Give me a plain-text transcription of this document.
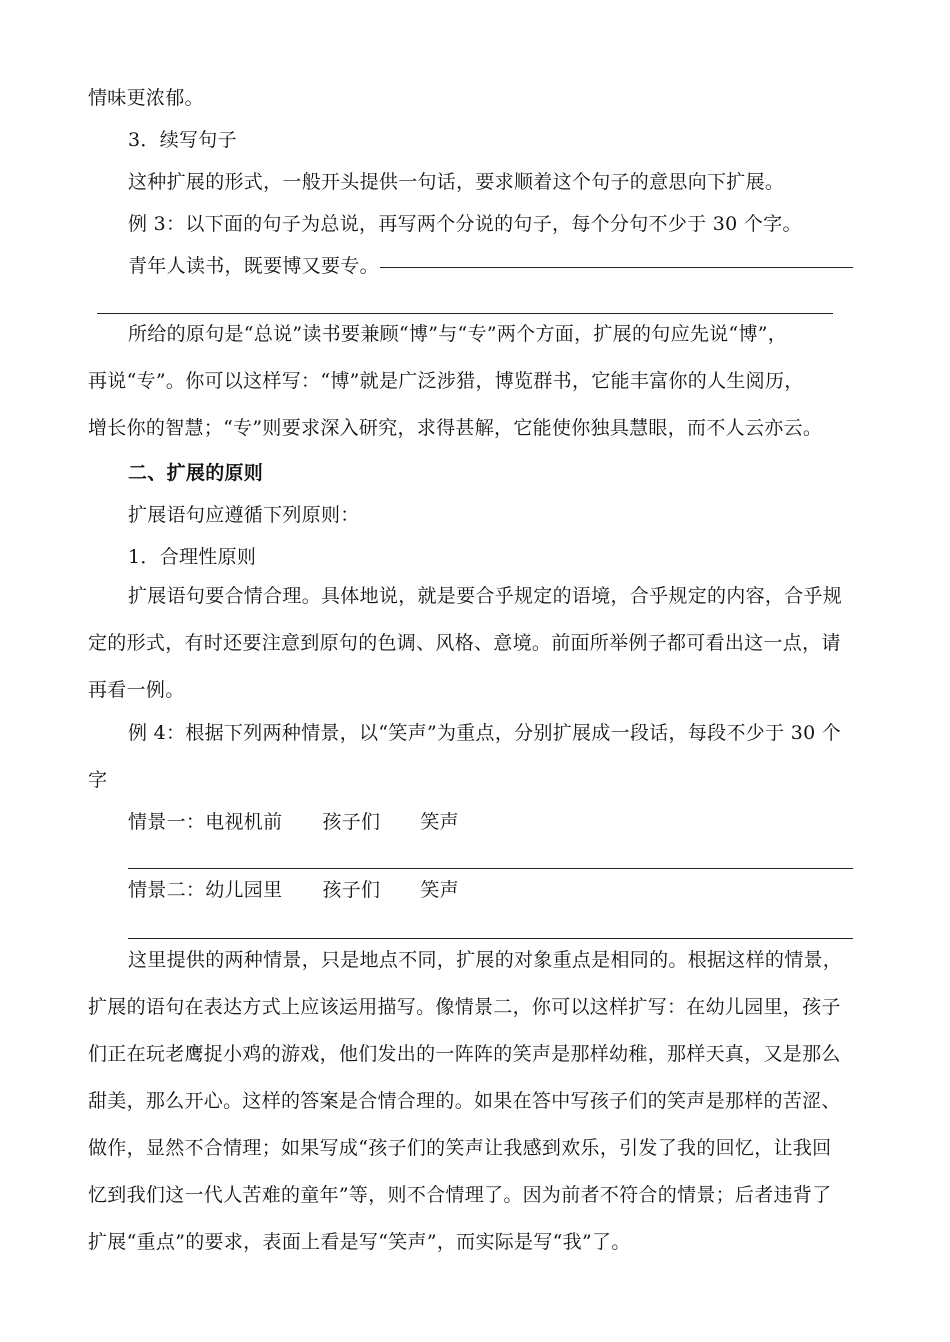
情味更浓郁。
3．续写句子
这种扩展的形式，一般开头提供一句话，要求顺着这个句子的意思向下扩展。
例 3：以下面的句子为总说，再写两个分说的句子，每个分句不少于 30 个字。
青年人读书，既要博又要专。
所给的原句是“总说”读书要兼顾“博”与“专”两个方面，扩展的句应先说“博”，
再说“专”。你可以这样写：“博”就是广泛涉猎，博览群书，它能丰富你的人生阅历，
增长你的智慧；“专”则要求深入研究，求得甚解，它能使你独具慧眼，而不人云亦云。
二、扩展的原则
扩展语句应遵循下列原则：
1．合理性原则
扩展语句要合情合理。具体地说，就是要合乎规定的语境，合乎规定的内容，合乎规
定的形式，有时还要注意到原句的色调、风格、意境。前面所举例子都可看出这一点，请
再看一例。
例 4：根据下列两种情景，以“笑声”为重点，分别扩展成一段话，每段不少于 30 个
字
情景一：电视机前 孩子们 笑声
情景二：幼儿园里 孩子们 笑声
这里提供的两种情景，只是地点不同，扩展的对象重点是相同的。根据这样的情景，
扩展的语句在表达方式上应该运用描写。像情景二，你可以这样扩写：在幼儿园里，孩子
们正在玩老鹰捉小鸡的游戏，他们发出的一阵阵的笑声是那样幼稚，那样天真，又是那么
甜美，那么开心。这样的答案是合情合理的。如果在答中写孩子们的笑声是那样的苦涩、
做作，显然不合情理；如果写成“孩子们的笑声让我感到欢乐，引发了我的回忆，让我回
忆到我们这一代人苦难的童年”等，则不合情理了。因为前者不符合的情景；后者违背了
扩展“重点”的要求，表面上看是写“笑声”，而实际是写“我”了。
